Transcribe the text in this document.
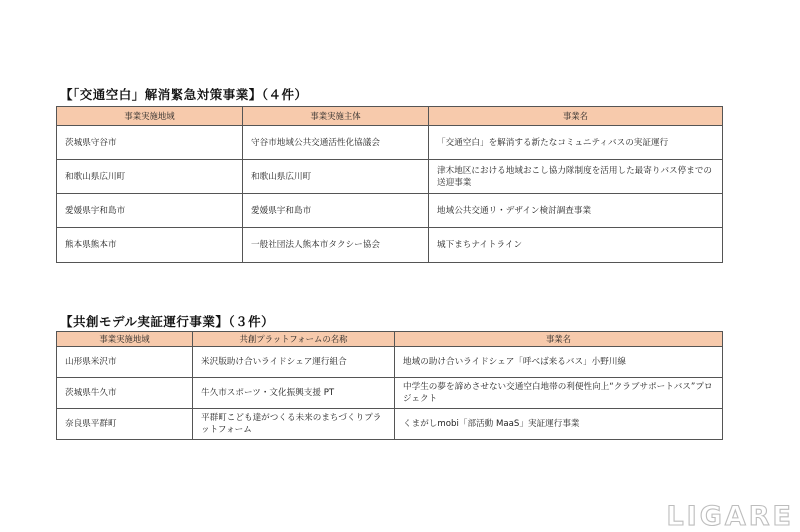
【「交通空白」解消緊急対策事業】（４件）
事業実施地域	事業実施主体	事業名
茨城県守谷市	守谷市地域公共交通活性化協議会	「交通空白」を解消する新たなコミュニティバスの実証運行
和歌山県広川町	和歌山県広川町	津木地区における地域おこし協力隊制度を活用した最寄りバス停までの送迎事業
愛媛県宇和島市	愛媛県宇和島市	地域公共交通リ・デザイン検討調査事業
熊本県熊本市	一般社団法人熊本市タクシー協会	城下まちナイトライン
【共創モデル実証運行事業】（３件）
事業実施地域	共創プラットフォームの名称	事業名
山形県米沢市	米沢版助け合いライドシェア運行組合	地域の助け合いライドシェア「呼べば来るバス」小野川線
茨城県牛久市	牛久市スポーツ・文化振興支援 PT	中学生の夢を諦めさせない交通空白地帯の利便性向上“クラブサポートバス”プロジェクト
奈良県平群町	平群町こども達がつくる未来のまちづくりプラットフォーム	くまがしmobi「部活動 MaaS」実証運行事業
LIGARE
